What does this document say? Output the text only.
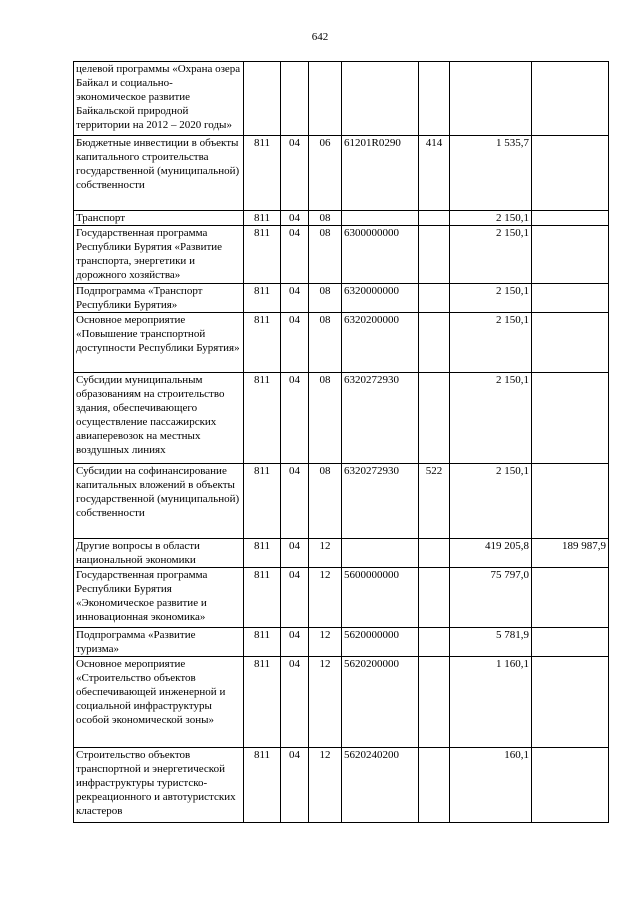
642
целевой программы «Охрана озера Байкал и социально-экономическое развитие Байкальской природной территории на 2012 – 2020 годы»							
Бюджетные инвестиции в объекты капитального строительства государственной (муниципальной) собственности	811	04	06	61201R0290	414	1 535,7	
Транспорт	811	04	08			2 150,1	
Государственная программа Республики Бурятия «Развитие транспорта, энергетики и дорожного хозяйства»	811	04	08	6300000000		2 150,1	
Подпрограмма «Транспорт Республики Бурятия»	811	04	08	6320000000		2 150,1	
Основное мероприятие «Повышение транспортной доступности Республики Бурятия»	811	04	08	6320200000		2 150,1	
Субсидии муниципальным образованиям на строительство здания, обеспечивающего осуществление пассажирских авиаперевозок на местных воздушных линиях	811	04	08	6320272930		2 150,1	
Субсидии на софинансирование капитальных вложений в объекты государственной (муниципальной) собственности	811	04	08	6320272930	522	2 150,1	
Другие вопросы в области национальной экономики	811	04	12			419 205,8	189 987,9
Государственная программа Республики Бурятия «Экономическое развитие и инновационная экономика»	811	04	12	5600000000		75 797,0	
Подпрограмма «Развитие туризма»	811	04	12	5620000000		5 781,9	
Основное мероприятие «Строительство объектов обеспечивающей инженерной и социальной инфраструктуры особой экономической зоны»	811	04	12	5620200000		1 160,1	
Строительство объектов транспортной и энергетической инфраструктуры туристско-рекреационного и автотуристских кластеров	811	04	12	5620240200		160,1	
